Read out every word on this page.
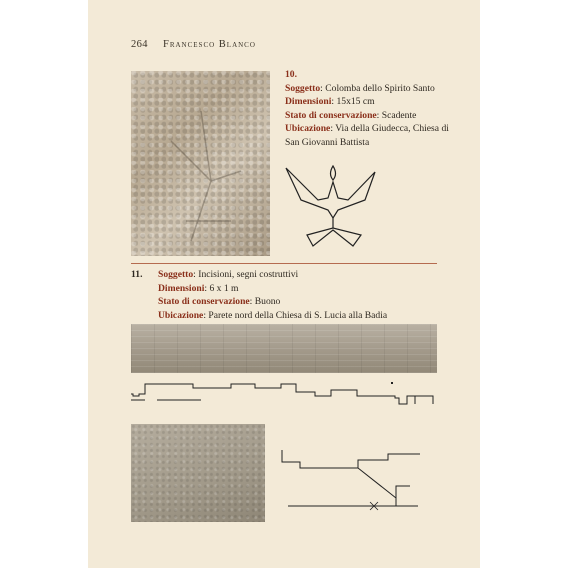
264 Francesco Blanco
10.
Soggetto: Colomba dello Spirito Santo
Dimensioni: 15x15 cm
Stato di conservazione: Scadente
Ubicazione: Via della Giudecca, Chiesa di San Giovanni Battista
11. Soggetto: Incisioni, segni costruttivi
Dimensioni: 6 x 1 m
Stato di conservazione: Buono
Ubicazione: Parete nord della Chiesa di S. Lucia alla Badia
